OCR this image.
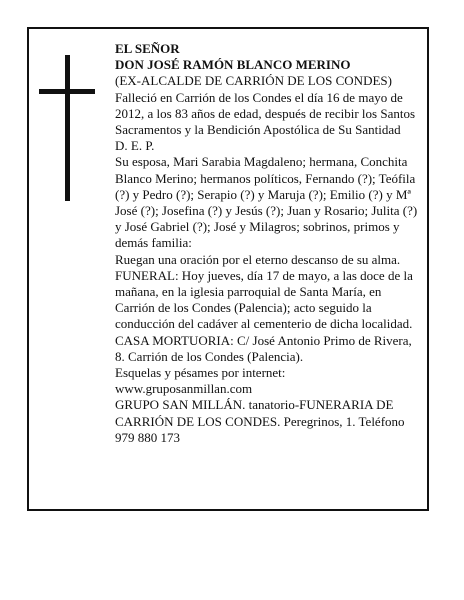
EL SEÑOR

DON JOSÉ RAMÓN BLANCO MERINO

(EX-ALCALDE DE CARRIÓN DE LOS CONDES)

Falleció en Carrión de los Condes el día 16 de mayo de 2012, a los 83 años de edad, después de recibir los Santos Sacramentos y la Bendición Apostólica de Su Santidad

D. E. P.

Su esposa, Mari Sarabia Magdaleno; hermana, Conchita Blanco Merino; hermanos políticos, Fernando (?); Teófila (?) y Pedro (?); Serapio (?) y Maruja (?); Emilio (?) y Mª José (?); Josefina (?) y Jesús (?); Juan y Rosario; Julita (?) y José Gabriel (?); José y Milagros; sobrinos, primos y demás familia:

Ruegan una oración por el eterno descanso de su alma.

FUNERAL: Hoy jueves, día 17 de mayo, a las doce de la mañana, en la iglesia parroquial de Santa María, en Carrión de los Condes (Palencia); acto seguido la conducción del cadáver al cementerio de dicha localidad.

CASA MORTUORIA: C/ José Antonio Primo de Rivera, 8. Carrión de los Condes (Palencia).

Esquelas y pésames por internet:

www.gruposanmillan.com

GRUPO SAN MILLÁN. tanatorio-FUNERARIA DE CARRIÓN DE LOS CONDES. Peregrinos, 1. Teléfono 979 880 173
